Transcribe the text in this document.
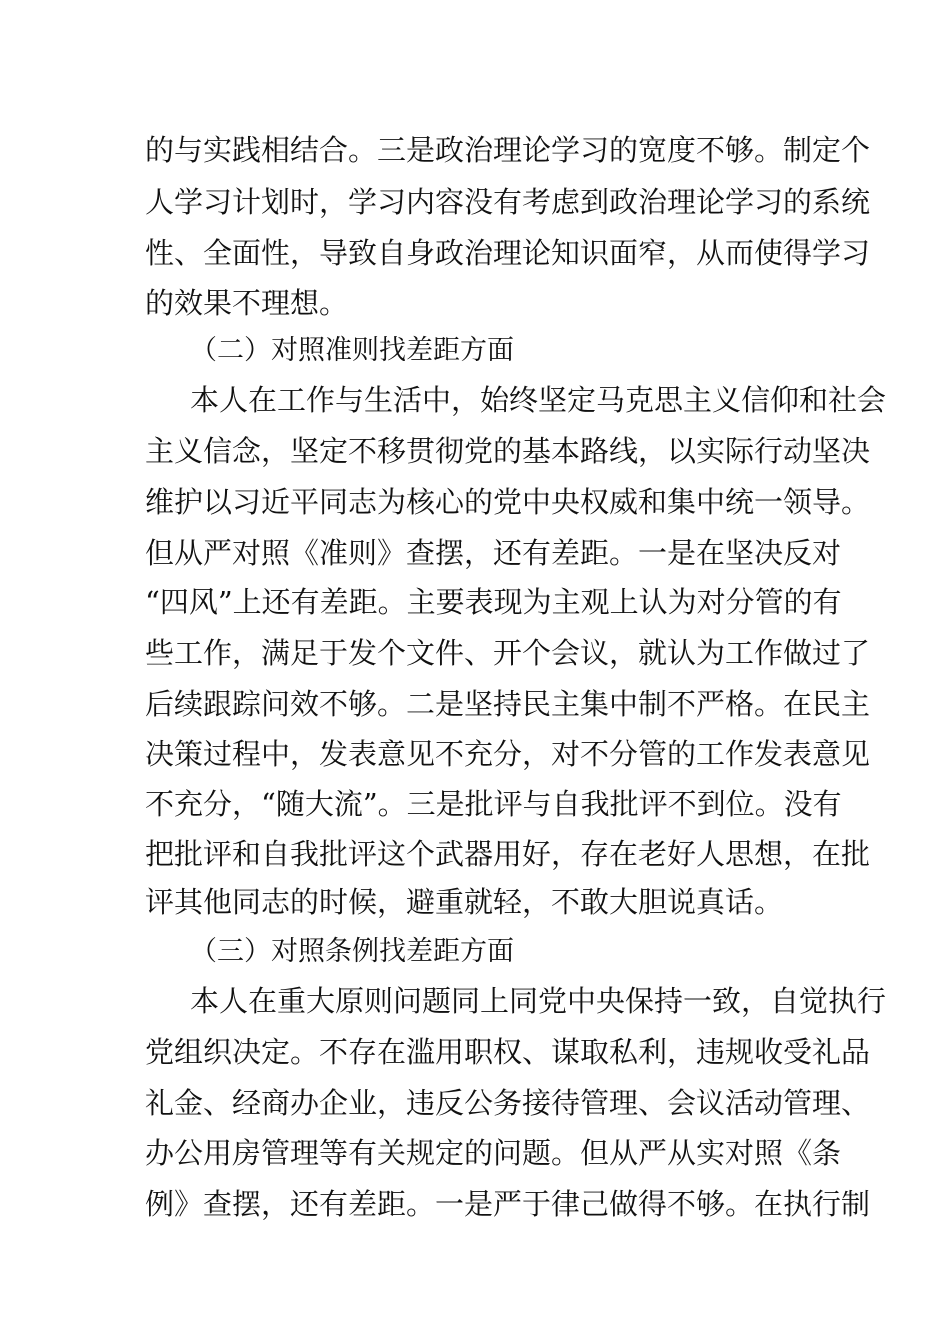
的与实践相结合。三是政治理论学习的宽度不够。制定个
人学习计划时，学习内容没有考虑到政治理论学习的系统
性、全面性，导致自身政治理论知识面窄，从而使得学习
的效果不理想。
（二）对照准则找差距方面
本人在工作与生活中，始终坚定马克思主义信仰和社会
主义信念，坚定不移贯彻党的基本路线，以实际行动坚决
维护以习近平同志为核心的党中央权威和集中统一领导。
但从严对照《准则》查摆，还有差距。一是在坚决反对
“四风”上还有差距。主要表现为主观上认为对分管的有
些工作，满足于发个文件、开个会议，就认为工作做过了
后续跟踪问效不够。二是坚持民主集中制不严格。在民主
决策过程中，发表意见不充分，对不分管的工作发表意见
不充分，“随大流”。三是批评与自我批评不到位。没有
把批评和自我批评这个武器用好，存在老好人思想，在批
评其他同志的时候，避重就轻，不敢大胆说真话。
（三）对照条例找差距方面
本人在重大原则问题同上同党中央保持一致，自觉执行
党组织决定。不存在滥用职权、谋取私利，违规收受礼品
礼金、经商办企业，违反公务接待管理、会议活动管理、
办公用房管理等有关规定的问题。但从严从实对照《条
例》查摆，还有差距。一是严于律己做得不够。在执行制
